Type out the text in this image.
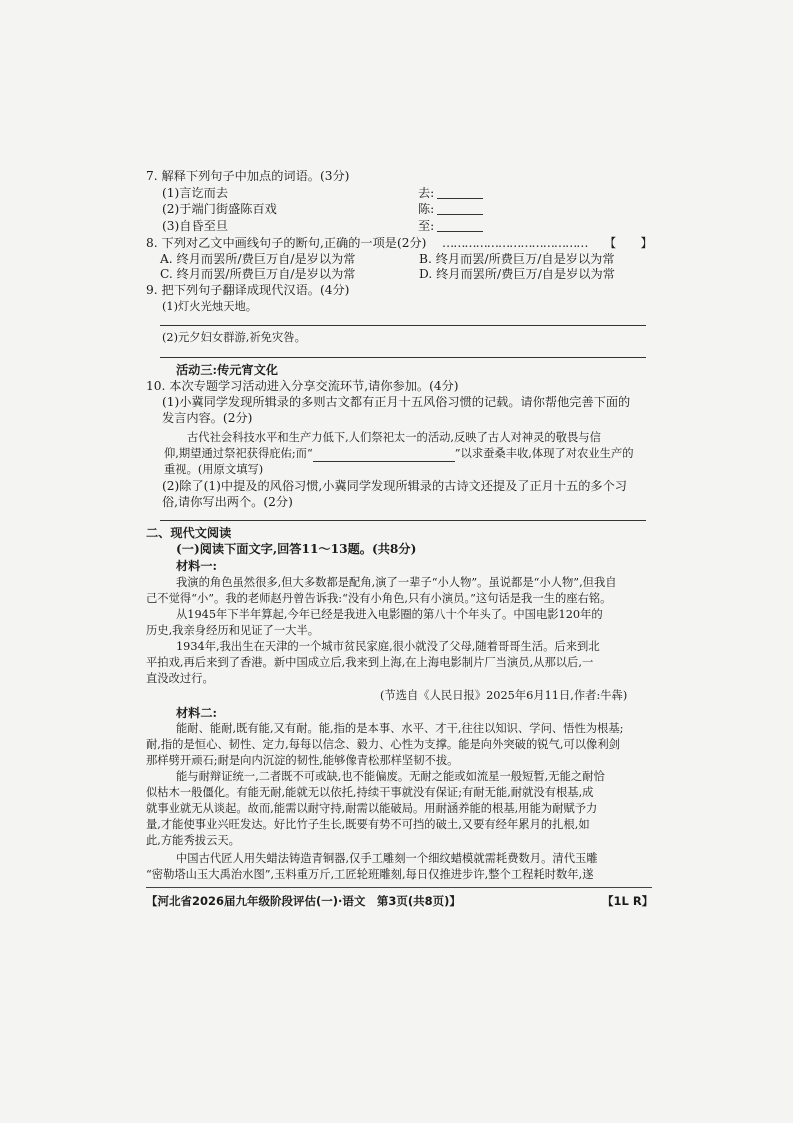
7. 解释下列句子中加点的词语。(3分)
(1)言讫而去	去:
(2)于端门街盛陈百戏	陈:
(3)自昏至旦	至:
8. 下列对乙文中画线句子的断句,正确的一项是(2分) ………………………………… 【　　】
A. 终月而罢所/费巨万自/是岁以为常	B. 终月而罢/所费巨万/自是岁以为常
C. 终月而罢/所费巨万自/是岁以为常	D. 终月而罢所/费巨万/自是岁以为常
9. 把下列句子翻译成现代汉语。(4分)
(1)灯火光烛天地。
(2)元夕妇女群游,祈免灾咎。
活动三:传元宵文化
10. 本次专题学习活动进入分享交流环节,请你参加。(4分)
(1)小冀同学发现所辑录的多则古文都有正月十五风俗习惯的记载。请你帮他完善下面的
发言内容。(2分)
古代社会科技水平和生产力低下,人们祭祀太一的活动,反映了古人对神灵的敬畏与信
仰,期望通过祭祀获得庇佑;而“	”以求蚕桑丰收,体现了对农业生产的
重视。(用原文填写)
(2)除了(1)中提及的风俗习惯,小冀同学发现所辑录的古诗文还提及了正月十五的多个习
俗,请你写出两个。(2分)
二、现代文阅读
(一)阅读下面文字,回答11～13题。(共8分)
材料一:
我演的角色虽然很多,但大多数都是配角,演了一辈子“小人物”。虽说都是“小人物”,但我自
己不觉得“小”。我的老师赵丹曾告诉我:“没有小角色,只有小演员。”这句话是我一生的座右铭。
从1945年下半年算起,今年已经是我进入电影圈的第八十个年头了。中国电影120年的
历史,我亲身经历和见证了一大半。
1934年,我出生在天津的一个城市贫民家庭,很小就没了父母,随着哥哥生活。后来到北
平拍戏,再后来到了香港。新中国成立后,我来到上海,在上海电影制片厂当演员,从那以后,一
直没改过行。
(节选自《人民日报》2025年6月11日,作者:牛犇)
材料二:
能耐、能耐,既有能,又有耐。能,指的是本事、水平、才干,往往以知识、学问、悟性为根基;
耐,指的是恒心、韧性、定力,每每以信念、毅力、心性为支撑。能是向外突破的锐气,可以像利剑
那样劈开顽石;耐是向内沉淀的韧性,能够像青松那样坚韧不拔。
能与耐辩证统一,二者既不可或缺,也不能偏废。无耐之能或如流星一般短暂,无能之耐恰
似枯木一般僵化。有能无耐,能就无以依托,持续干事就没有保证;有耐无能,耐就没有根基,成
就事业就无从谈起。故而,能需以耐守持,耐需以能破局。用耐涵养能的根基,用能为耐赋予力
量,才能使事业兴旺发达。好比竹子生长,既要有势不可挡的破土,又要有经年累月的扎根,如
此,方能秀拔云天。
中国古代匠人用失蜡法铸造青铜器,仅手工雕刻一个细纹蜡模就需耗费数月。清代玉雕
“密勒塔山玉大禹治水图”,玉料重万斤,工匠轮班雕刻,每日仅推进步许,整个工程耗时数年,遂
【河北省2026届九年级阶段评估(一)·语文　第3页(共8页)】	【1L R】
